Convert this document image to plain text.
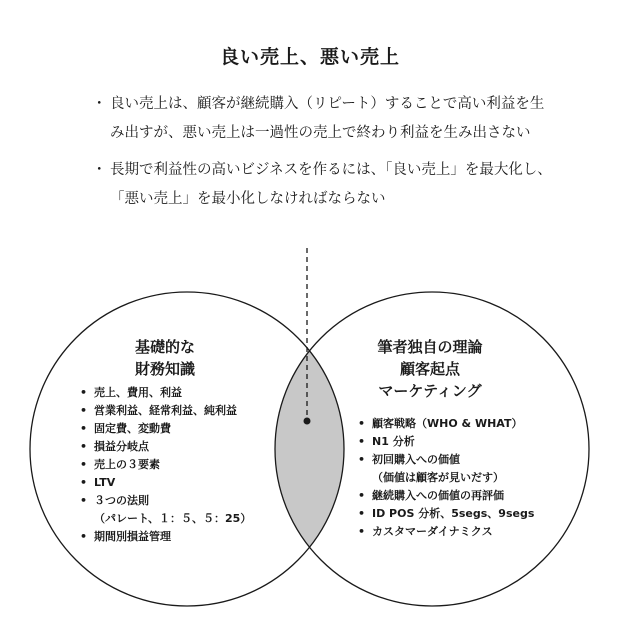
良い売上、悪い売上
・ 良い売上は、顧客が継続購入（リピート）することで高い利益を生み出すが、悪い売上は一過性の売上で終わり利益を生み出さない
・ 長期で利益性の高いビジネスを作るには、「良い売上」を最大化し、「悪い売上」を最小化しなければならない
基礎的な
財務知識
筆者独自の理論
顧客起点
マーケティング
• 売上、費用、利益
• 営業利益、経常利益、純利益
• 固定費、変動費
• 損益分岐点
• 売上の３要素
• LTV
• ３つの法則
（パレート、１：５、５：25）
• 期間別損益管理
• 顧客戦略（WHO & WHAT）
• N1 分析
• 初回購入への価値
（価値は顧客が見いだす）
• 継続購入への価値の再評価
• ID POS 分析、5segs、9segs
• カスタマーダイナミクス
